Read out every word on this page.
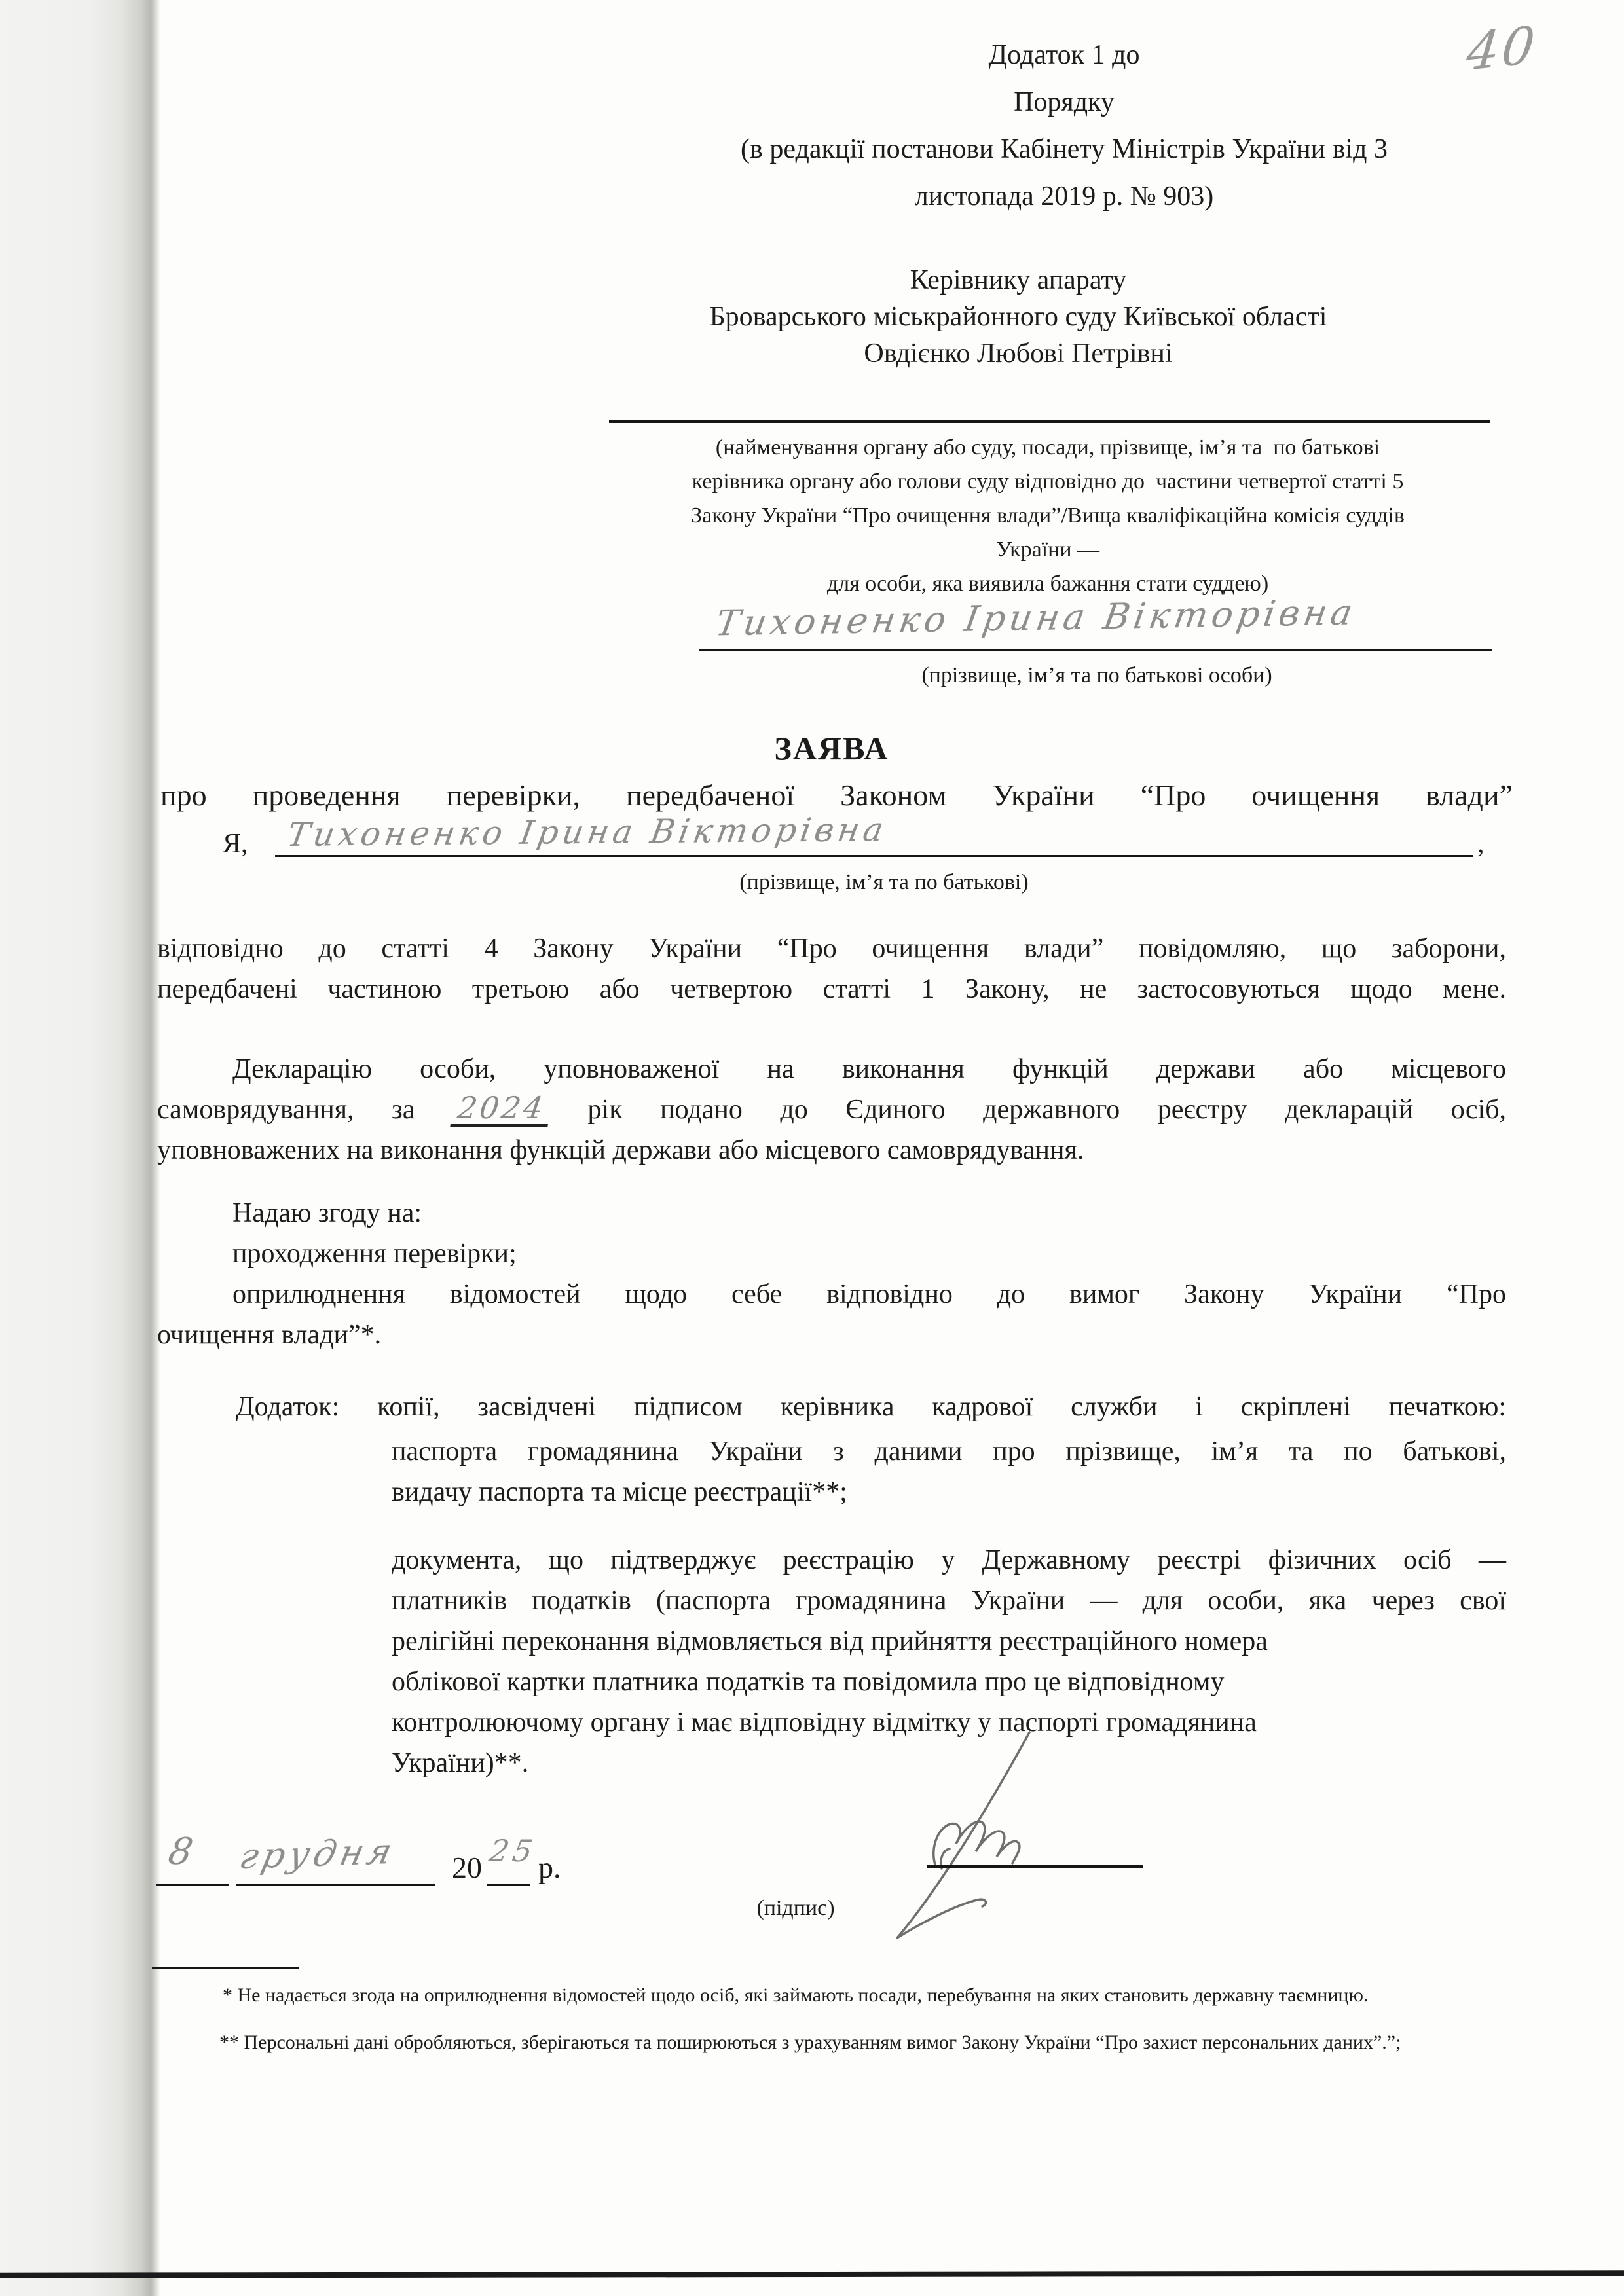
40
Додаток 1 до
Порядку
(в редакції постанови Кабінету Міністрів України від 3
листопада 2019 р. № 903)
Керівнику апарату
Броварського міськрайонного суду Київської області
Овдієнко Любові Петрівні
(найменування органу або суду, посади, прізвище, ім’я та  по батькові
керівника органу або голови суду відповідно до  частини четвертої статті 5
Закону України “Про очищення влади”/Вища кваліфікаційна комісія суддів
України —
для особи, яка виявила бажання стати суддею)
Тихоненко Ірина Вікторівна
(прізвище, ім’я та по батькові особи)
ЗАЯВА
про проведення перевірки, передбаченої Законом України “Про очищення влади”
Я, Тихоненко Ірина Вікторівна	,
(прізвище, ім’я та по батькові)
відповідно до статті 4 Закону України “Про очищення влади” повідомляю, що заборони,
передбачені частиною третьою або четвертою статті 1 Закону, не застосовуються щодо мене.
Декларацію особи, уповноваженої на виконання функцій держави або місцевого
самоврядування, за 2024 рік подано до Єдиного державного реєстру декларацій осіб,
уповноважених на виконання функцій держави або місцевого самоврядування.
Надаю згоду на:
проходження перевірки;
оприлюднення відомостей щодо себе відповідно до вимог Закону України “Про
очищення влади”*.
Додаток: копії, засвідчені підписом керівника кадрової служби і скріплені печаткою:
паспорта громадянина України з даними про прізвище, ім’я та по батькові,
видачу паспорта та місце реєстрації**;
документа, що підтверджує реєстрацію у Державному реєстрі фізичних осіб —
платників податків (паспорта громадянина України — для особи, яка через свої
релігійні переконання відмовляється від прийняття реєстраційного номера
облікової картки платника податків та повідомила про це відповідному
контролюючому органу і має відповідну відмітку у паспорті громадянина
України)**.
8 грудня 20 25
р.
(підпис)
* Не надається згода на оприлюднення відомостей щодо осіб, які займають посади, перебування на яких становить державну таємницю.
** Персональні дані обробляються, зберігаються та поширюються з урахуванням вимог Закону України “Про захист персональних даних”.”;
